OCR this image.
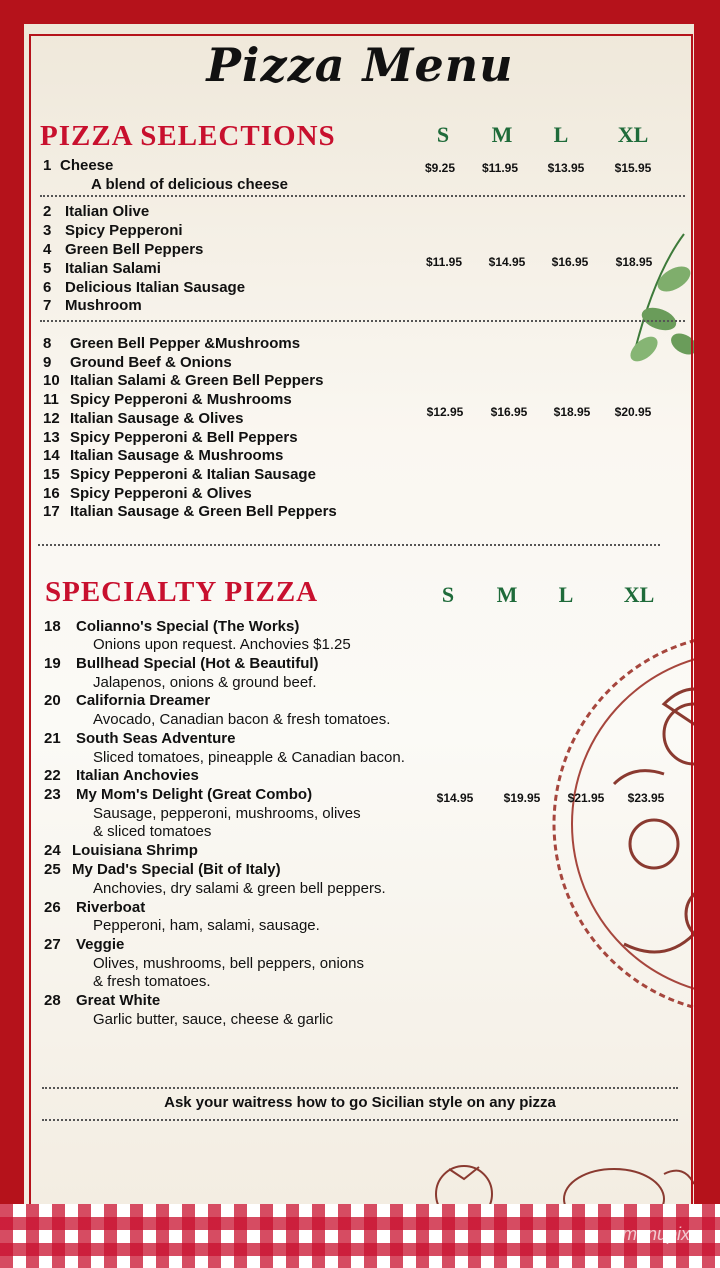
Pizza Menu
PIZZA SELECTIONS	S	M	L	XL
1 Cheese
A blend of delicious cheese
$9.25	$11.95	$13.95	$15.95
2 Italian Olive
3 Spicy Pepperoni
4 Green Bell Peppers
5 Italian Salami
6 Delicious Italian Sausage
7 Mushroom
$11.95	$14.95	$16.95	$18.95
8 Green Bell Pepper &Mushrooms
9 Ground Beef & Onions
10 Italian Salami & Green Bell Peppers
11 Spicy Pepperoni & Mushrooms
12 Italian Sausage & Olives
13 Spicy Pepperoni & Bell Peppers
14 Italian Sausage & Mushrooms
15 Spicy Pepperoni & Italian Sausage
16 Spicy Pepperoni & Olives
17 Italian Sausage & Green Bell Peppers
$12.95	$16.95	$18.95	$20.95
SPECIALTY PIZZA	S	M	L	XL
18 Colianno's Special (The Works)
Onions upon request. Anchovies $1.25
19 Bullhead Special (Hot & Beautiful)
Jalapenos, onions & ground beef.
20 California Dreamer
Avocado, Canadian bacon & fresh tomatoes.
21 South Seas Adventure
Sliced tomatoes, pineapple & Canadian bacon.
22 Italian Anchovies
23 My Mom's Delight (Great Combo)
Sausage, pepperoni, mushrooms, olives
& sliced tomatoes
24 Louisiana Shrimp
25 My Dad's Special (Bit of Italy)
Anchovies, dry salami & green bell peppers.
26 Riverboat
Pepperoni, ham, salami, sausage.
27 Veggie
Olives, mushrooms, bell peppers, onions
& fresh tomatoes.
28 Great White
Garlic butter, sauce, cheese & garlic
$14.95	$19.95	$21.95	$23.95
Ask your waitress how to go Sicilian style on any pizza
menupix
